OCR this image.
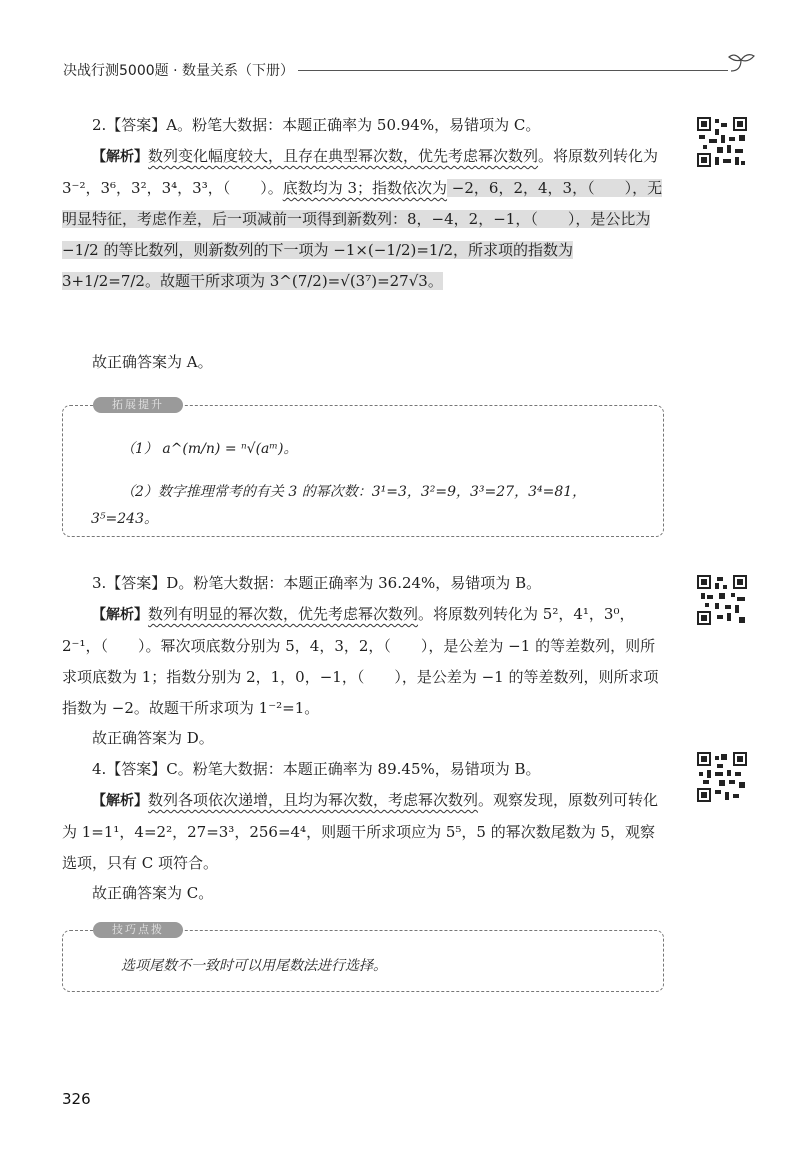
决战行测5000题 · 数量关系（下册）

2.【答案】A。粉笔大数据：本题正确率为 50.94%，易错项为 C。

【解析】数列变化幅度较大，且存在典型幂次数，优先考虑幂次数列。将原数列转化为 3⁻²，3⁶，3²，3⁴，3³，（　　）。底数均为 3；指数依次为 −2，6，2，4，3，（　　），无明显特征，考虑作差，后一项减前一项得到新数列：8，−4，2，−1，（　　），是公比为 −1/2 的等比数列，则新数列的下一项为 −1×(−1/2)=1/2，所求项的指数为 3+1/2=7/2。故题干所求项为 3^(7/2)=√(3⁷)=27√3。

故正确答案为 A。

拓展提升

（1） a^(m/n) = ⁿ√(aᵐ)。

（2）数字推理常考的有关 3 的幂次数：3¹=3，3²=9，3³=27，3⁴=81，

3⁵=243。

3.【答案】D。粉笔大数据：本题正确率为 36.24%，易错项为 B。

【解析】数列有明显的幂次数，优先考虑幂次数列。将原数列转化为 5²，4¹，3⁰，2⁻¹，（　　）。幂次项底数分别为 5，4，3，2，（　　），是公差为 −1 的等差数列，则所求项底数为 1；指数分别为 2，1，0，−1，（　　），是公差为 −1 的等差数列，则所求项指数为 −2。故题干所求项为 1⁻²=1。

故正确答案为 D。

4.【答案】C。粉笔大数据：本题正确率为 89.45%，易错项为 B。

【解析】数列各项依次递增，且均为幂次数，考虑幂次数列。观察发现，原数列可转化为 1=1¹，4=2²，27=3³，256=4⁴，则题干所求项应为 5⁵，5 的幂次数尾数为 5，观察选项，只有 C 项符合。

故正确答案为 C。

技巧点拨

选项尾数不一致时可以用尾数法进行选择。

326
